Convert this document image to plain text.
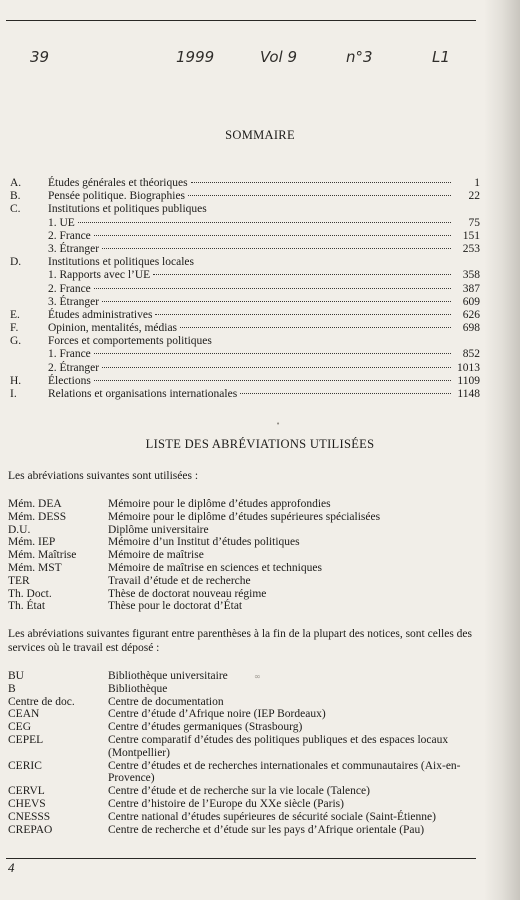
39	1999	Vol 9	n°3	L1
SOMMAIRE
A.	Études générales et théoriques	1
B.	Pensée politique. Biographies	22
C.	Institutions et politiques publiques
1. UE	75
2. France	151
3. Étranger	253
D.	Institutions et politiques locales
1. Rapports avec l’UE	358
2. France	387
3. Étranger	609
E.	Études administratives	626
F.	Opinion, mentalités, médias	698
G.	Forces et comportements politiques
1. France	852
2. Étranger	1013
H.	Élections	1109
I.	Relations et organisations internationales	1148
•
LISTE DES ABRÉVIATIONS UTILISÉES
Les abréviations suivantes sont utilisées :
Mém. DEA	Mémoire pour le diplôme d’études approfondies
Mém. DESS	Mémoire pour le diplôme d’études supérieures spécialisées
D.U.	Diplôme universitaire
Mém. IEP	Mémoire d’un Institut d’études politiques
Mém. Maîtrise	Mémoire de maîtrise
Mém. MST	Mémoire de maîtrise en sciences et techniques
TER	Travail d’étude et de recherche
Th. Doct.	Thèse de doctorat nouveau régime
Th. État	Thèse pour le doctorat d’État
Les abréviations suivantes figurant entre parenthèses à la fin de la plupart des notices, sont celles des services où le travail est déposé :
BU	Bibliothèque universitaire
B	Bibliothèque
Centre de doc.	Centre de documentation
CEAN	Centre d’étude d’Afrique noire (IEP Bordeaux)
CEG	Centre d’études germaniques (Strasbourg)
CEPEL	Centre comparatif d’études des politiques publiques et des espaces locaux (Montpellier)
CERIC	Centre d’études et de recherches internationales et communautaires (Aix-en-Provence)
CERVL	Centre d’étude et de recherche sur la vie locale (Talence)
CHEVS	Centre d’histoire de l’Europe du XXe siècle (Paris)
CNESSS	Centre national d’études supérieures de sécurité sociale (Saint-Étienne)
CREPAO	Centre de recherche et d’étude sur les pays d’Afrique orientale (Pau)
∞
4
